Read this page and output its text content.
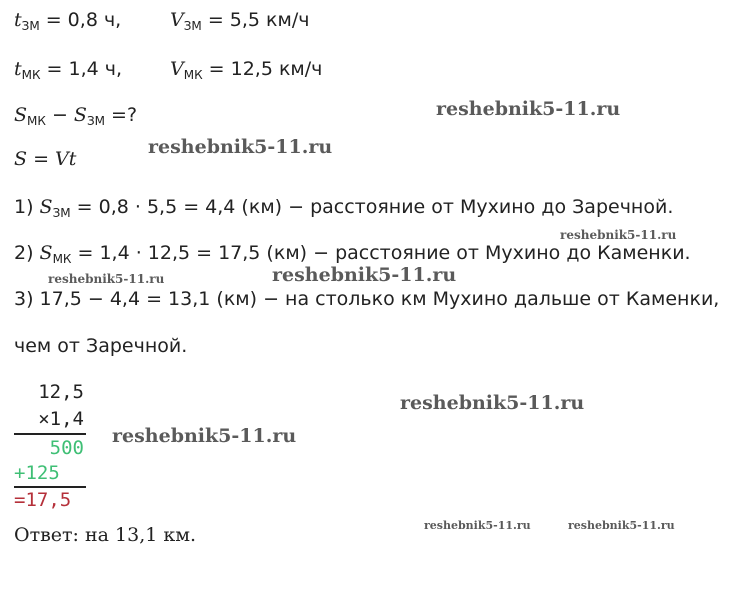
$t_{ЗМ} = 0,8$ ч,	$V_{ЗМ} = 5,5$ км/ч
$t_{МК} = 1,4$ ч,	$V_{МК} = 12,5$ км/ч
$S_{МК} - S_{ЗМ}$ =?
S = Vt
1) $S_{ЗМ} = 0,8 \cdot 5,5 = 4,4$ (км) − расстояние от Мухино до Заречной.
2) $S_{МК} = 1,4 \cdot 12,5 = 17,5$ (км) − расстояние от Мухино до Каменки.
3) 17,5 − 4,4 = 13,1 (км) − на столько км Мухино дальше от Каменки,
чем от Заречной.
12,5
×1,4
500
+125
=17,5
Ответ: на 13,1 км.
reshebnik5-11.ru
reshebnik5-11.ru
reshebnik5-11.ru
reshebnik5-11.ru	reshebnik5-11.ru
reshebnik5-11.ru
reshebnik5-11.ru
reshebnik5-11.ru	reshebnik5-11.ru
